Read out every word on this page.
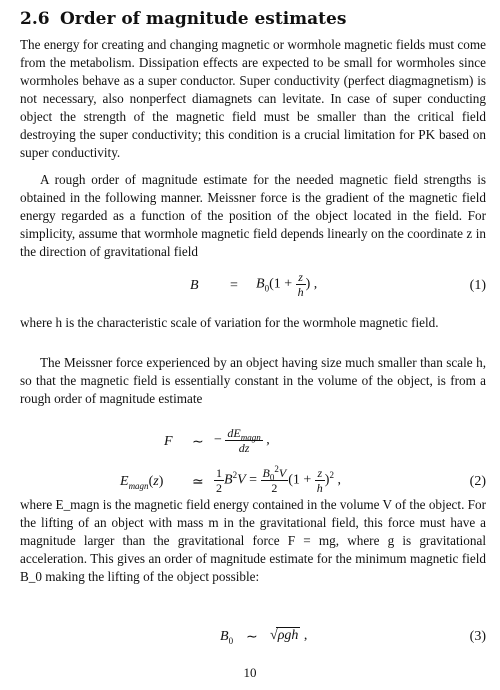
2.6 Order of magnitude estimates

The energy for creating and changing magnetic or wormhole magnetic fields must come from the metabolism. Dissipation effects are expected to be small for wormholes since wormholes behave as a super conductor. Super conductivity (perfect diagmagnetism) is not necessary, also nonperfect diamagnets can levitate. In case of super conducting object the strength of the magnetic field must be smaller than the critical field destroying the super conductivity; this condition is a crucial limitation for PK based on super conductivity.

A rough order of magnitude estimate for the needed magnetic field strengths is obtained in the following manner. Meissner force is the gradient of the magnetic field energy regarded as a function of the position of the object located in the field. For simplicity, assume that wormhole magnetic field depends linearly on the coordinate z in the direction of gravitational field

$B = B_0(1 + \frac{z}{h}$ ) ,	(1)

where h is the characteristic scale of variation for the wormhole magnetic field.

The Meissner force experienced by an object having size much smaller than scale h, so that the magnetic field is essentially constant in the volume of the object, is from a rough order of magnitude estimate

F ∼ − $\frac{dE_{magn}}{dz}$ ,
$E_{magn}(z)$ ≃ $\frac{1}{2} B^2V = \frac{B_0^2V}{2} (1 + \frac{z}{h} )^2$ ,	(2)

where E_magn is the magnetic field energy contained in the volume V of the object. For the lifting of an object with mass m in the gravitational field, this force must have a magnitude larger than the gravitational force F = mg, where g is gravitational acceleration. This gives an order of magnitude estimate for the minimum magnetic field B_0 making the lifting of the object possible:

$B_0$ ∼ √ρgh ,	(3)
10
